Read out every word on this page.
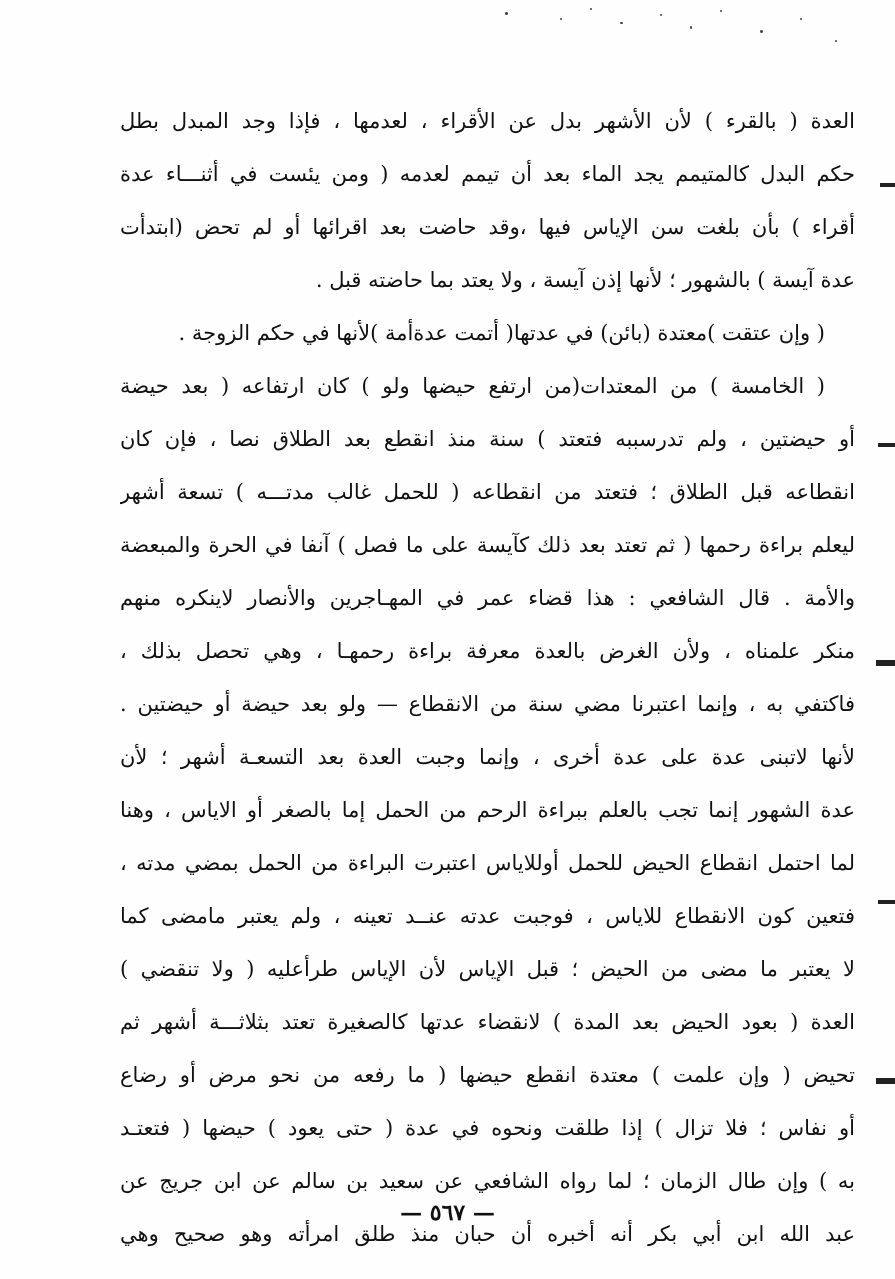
العدة ( بالقرء ) لأن الأشهر بدل عن الأقراء ، لعدمها ، فإذا وجد المبدل بطل
حكم البدل كالمتيمم يجد الماء بعد أن تيمم لعدمه ( ومن يئست في أثنـــاء عدة
أقراء ) بأن بلغت سن الإياس فيها ،وقد حاضت بعد اقرائها أو لم تحض (ابتدأت
عدة آيسة ) بالشهور ؛ لأنها إذن آيسة ، ولا يعتد بما حاضته قبل .
( وإن عتقت )معتدة (بائن) في عدتها( أتمت عدةأمة )لأنها في حكم الزوجة .
( الخامسة ) من المعتدات(من ارتفع حيضها ولو ) كان ارتفاعه ( بعد حيضة
أو حيضتين ، ولم تدرسببه فتعتد ) سنة منذ انقطع بعد الطلاق نصا ، فإن كان
انقطاعه قبل الطلاق ؛ فتعتد من انقطاعه ( للحمل غالب مدتـــه ) تسعة أشهر
ليعلم براءة رحمها ( ثم تعتد بعد ذلك كآيسة على ما فصل ) آنفا في الحرة والمبعضة
والأمة . قال الشافعي : هذا قضاء عمر في المهـاجرين والأنصار لاينكره منهم
منكر علمناه ، ولأن الغرض بالعدة معرفة براءة رحمهـا ، وهي تحصل بذلك ،
فاكتفي به ، وإنما اعتبرنا مضي سنة من الانقطاع — ولو بعد حيضة أو حيضتين .
لأنها لاتبنى عدة على عدة أخرى ، وإنما وجبت العدة بعد التسعـة أشهر ؛ لأن
عدة الشهور إنما تجب بالعلم ببراءة الرحم من الحمل إما بالصغر أو الاياس ، وهنا
لما احتمل انقطاع الحيض للحمل أوللاياس اعتبرت البراءة من الحمل بمضي مدته ،
فتعين كون الانقطاع للاياس ، فوجبت عدته عنــد تعينه ، ولم يعتبر مامضى كما
لا يعتبر ما مضى من الحيض ؛ قبل الإياس لأن الإياس طرأعليه ( ولا تنقضي )
العدة ( بعود الحيض بعد المدة ) لانقضاء عدتها كالصغيرة تعتد بثلاثـــة أشهر ثم
تحيض ( وإن علمت ) معتدة انقطع حيضها ( ما رفعه من نحو مرض أو رضاع
أو نفاس ؛ فلا تزال ) إذا طلقت ونحوه في عدة ( حتى يعود ) حيضها ( فتعتـد
به ) وإن طال الزمان ؛ لما رواه الشافعي عن سعيد بن سالم عن ابن جريج عن
عبد الله ابن أبي بكر أنه أخبره أن حبان منذ طلق امرأته وهو صحيح وهي
— ٥٦٧ —
